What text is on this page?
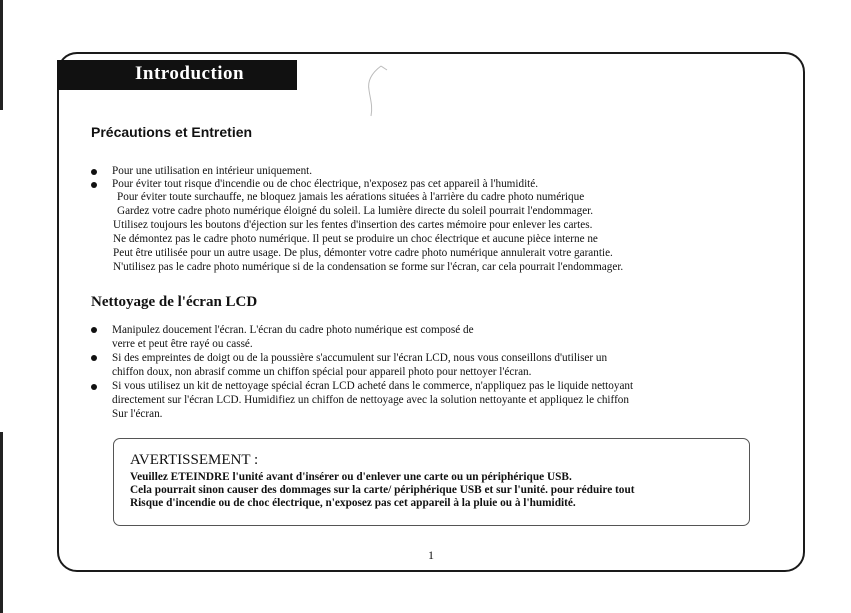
Introduction
Précautions et Entretien
Pour une utilisation en intérieur uniquement.
Pour éviter tout risque d'incendie ou de choc électrique, n'exposez pas cet appareil à l'humidité.
Pour éviter toute surchauffe, ne bloquez jamais les aérations situées à l'arrière du cadre photo numérique
Gardez votre cadre photo numérique éloigné du soleil. La lumière directe du soleil pourrait l'endommager.
Utilisez toujours les boutons d'éjection sur les fentes d'insertion des cartes mémoire pour enlever les cartes.
Ne démontez pas le cadre photo numérique. Il peut se produire un choc électrique et aucune pièce interne ne
Peut être utilisée pour un autre usage. De plus, démonter votre cadre photo numérique annulerait votre garantie.
N'utilisez pas le cadre photo numérique si de la condensation se forme sur l'écran, car cela pourrait l'endommager.
Nettoyage de l'écran LCD
Manipulez doucement l'écran. L'écran du cadre photo numérique est composé de
verre et peut être rayé ou cassé.
Si des empreintes de doigt ou de la poussière s'accumulent sur l'écran LCD, nous vous conseillons d'utiliser un
chiffon doux, non abrasif comme un chiffon spécial pour appareil photo pour nettoyer l'écran.
Si vous utilisez un kit de nettoyage spécial écran LCD acheté dans le commerce, n'appliquez pas le liquide nettoyant
directement sur l'écran LCD. Humidifiez un chiffon de nettoyage avec la solution nettoyante et appliquez le chiffon
Sur l'écran.
AVERTISSEMENT :
Veuillez ETEINDRE l'unité avant d'insérer ou d'enlever une carte ou un périphérique USB.
Cela pourrait sinon causer des dommages sur la carte/ périphérique USB et sur l'unité. pour réduire tout
Risque d'incendie ou de choc électrique, n'exposez pas cet appareil à la pluie ou à l'humidité.
1
